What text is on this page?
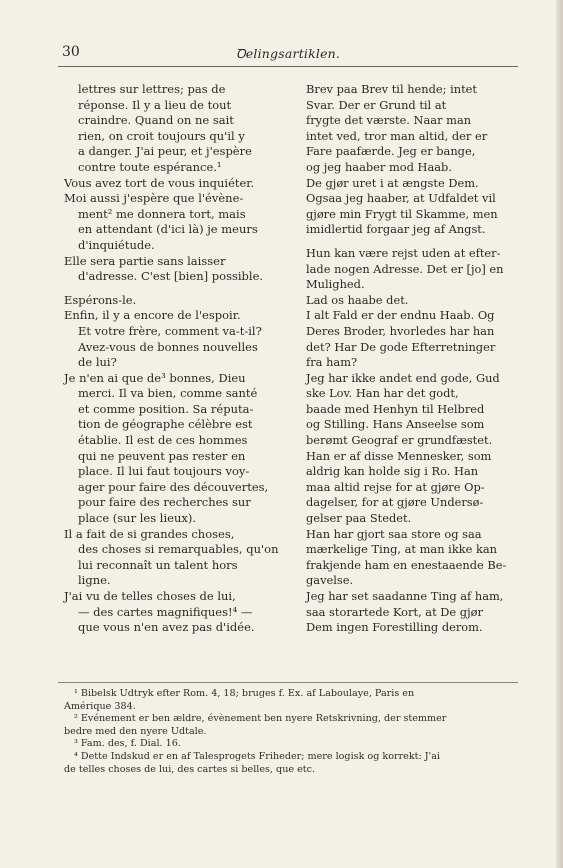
30	Ꝺelingsartiklen.
lettres sur lettres; pas de
réponse. Il y a lieu de tout
craindre. Quand on ne sait
rien, on croit toujours qu'il y
a danger. J'ai peur, et j'espère
contre toute espérance.¹
Vous avez tort de vous inquiéter.
Moi aussi j'espère que l'évène-
ment² me donnera tort, mais
en attendant (d'ici là) je meurs
d'inquiétude.
Elle sera partie sans laisser
d'adresse. C'est [bien] possible.
Espérons-le.
Enfin, il y a encore de l'espoir.
Et votre frère, comment va-t-il?
Avez-vous de bonnes nouvelles
de lui?
Je n'en ai que de³ bonnes, Dieu
merci. Il va bien, comme santé
et comme position. Sa réputa-
tion de géographe célèbre est
établie. Il est de ces hommes
qui ne peuvent pas rester en
place. Il lui faut toujours voy-
ager pour faire des découvertes,
pour faire des recherches sur
place (sur les lieux).
Il a fait de si grandes choses,
des choses si remarquables, qu'on
lui reconnaît un talent hors
ligne.
J'ai vu de telles choses de lui,
— des cartes magnifiques!⁴ —
que vous n'en avez pas d'idée.
Brev paa Brev til hende; intet
Svar. Der er Grund til at
frygte det værste. Naar man
intet ved, tror man altid, der er
Fare paafærde. Jeg er bange,
og jeg haaber mod Haab.
De gjør uret i at ængste Dem.
Ogsaa jeg haaber, at Udfaldet vil
gjøre min Frygt til Skamme, men
imidlertid forgaar jeg af Angst.
Hun kan være rejst uden at efter-
lade nogen Adresse. Det er [jo] en
Mulighed.
Lad os haabe det.
I alt Fald er der endnu Haab. Og
Deres Broder, hvorledes har han
det? Har De gode Efterretninger
fra ham?
Jeg har ikke andet end gode, Gud
ske Lov. Han har det godt,
baade med Henhyn til Helbred
og Stilling. Hans Anseelse som
berømt Geograf er grundfæstet.
Han er af disse Mennesker, som
aldrig kan holde sig i Ro. Han
maa altid rejse for at gjøre Op-
dagelser, for at gjøre Undersø-
gelser paa Stedet.
Han har gjort saa store og saa
mærkelige Ting, at man ikke kan
frakjende ham en enestaaende Be-
gavelse.
Jeg har set saadanne Ting af ham,
saa storartede Kort, at De gjør
Dem ingen Forestilling derom.
¹ Bibelsk Udtryk efter Rom. 4, 18; bruges f. Ex. af Laboulaye, Paris en
Amérique 384.
² Evénement er ben ældre, évènement ben nyere Retskrivning, der stemmer
bedre med den nyere Udtale.
³ Fam. des, f. Dial. 16.
⁴ Dette Indskud er en af Talesprogets Friheder; mere logisk og korrekt: J'ai
de telles choses de lui, des cartes si belles, que etc.
